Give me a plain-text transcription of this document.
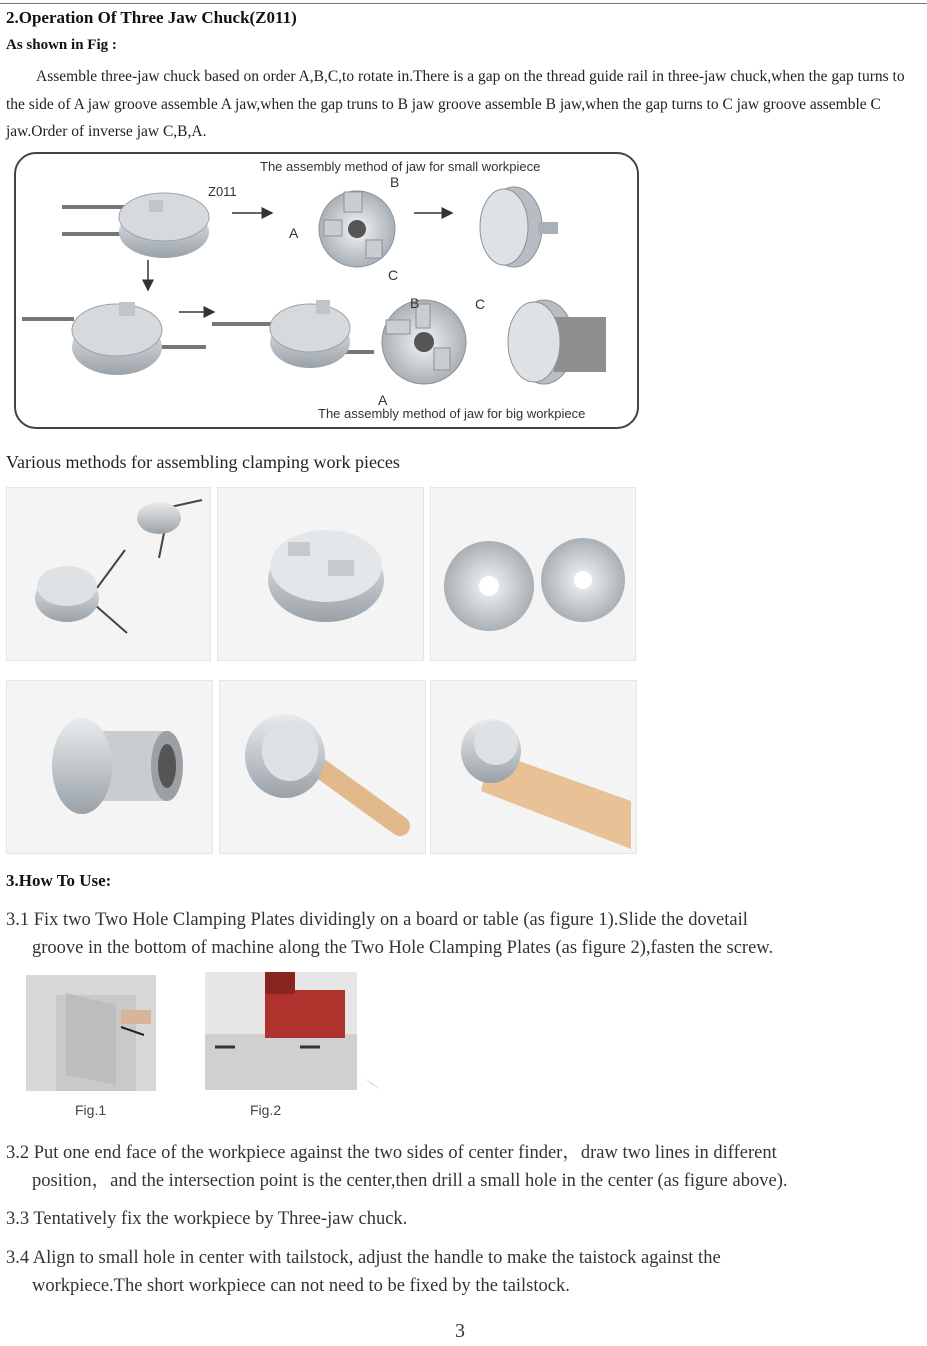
2.Operation Of Three Jaw Chuck(Z011)
As shown in Fig :
Assemble three-jaw chuck based on order A,B,C,to rotate in.There is a gap on the thread guide rail in three-jaw chuck,when the gap turns to the side of A jaw groove assemble A jaw,when the gap truns to B jaw groove assemble B jaw,when the gap turns to C jaw groove assemble C jaw.Order of inverse jaw C,B,A.
The assembly method of jaw for small workpiece
The assembly method of jaw for big workpiece
Z011
B
A
C
B	C
A
Various methods for assembling clamping work pieces
3.How To Use:
3.1 Fix two Two Hole Clamping Plates dividingly on a board or table (as figure 1).Slide the dovetail
groove in the bottom of machine along the Two Hole Clamping Plates (as figure 2),fasten the screw.
Fig.1	Fig.2
3.2 Put one end face of the workpiece against the two sides of center finder，draw two lines in different
position，and the intersection point is the center,then drill a small hole in the center (as figure above).
3.3 Tentatively fix the workpiece by Three-jaw chuck.
3.4 Align to small hole in center with tailstock, adjust the handle to make the taistock against the
workpiece.The short workpiece can not need to be fixed by the tailstock.
3
